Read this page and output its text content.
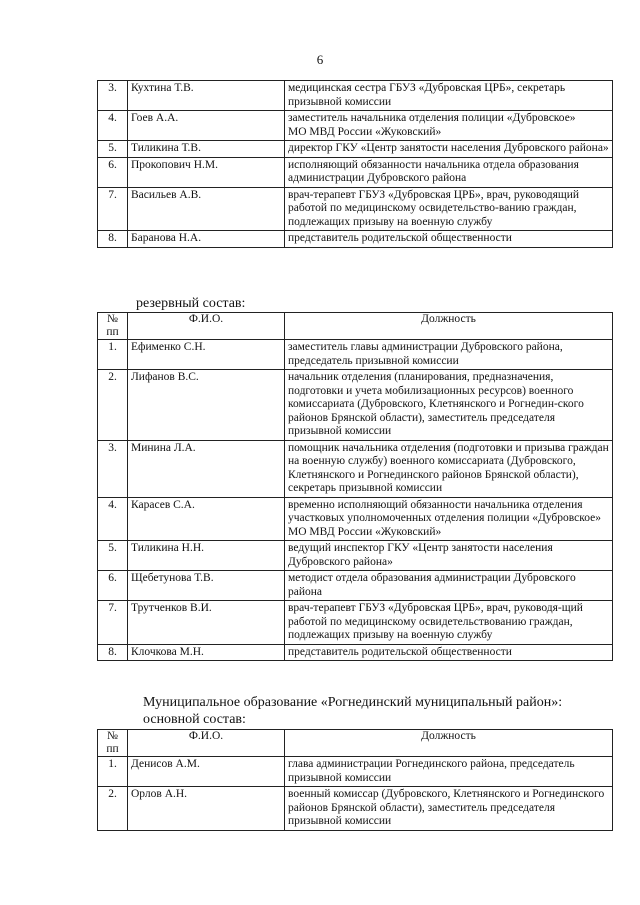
6
3.	Кухтина Т.В.	медицинская сестра ГБУЗ «Дубровская ЦРБ», секретарь призывной комиссии
4.	Гоев А.А.	заместитель начальника отделения полиции «Дубровское»
МО МВД России «Жуковский»

5.	Тиликина Т.В.	директор ГКУ «Центр занятости населения Дубровского района»
6.	Прокопович Н.М.	исполняющий обязанности начальника отдела образования администрации Дубровского района
7.	Васильев А.В.	врач-терапевт ГБУЗ «Дубровская ЦРБ», врач, руководящий работой по медицинскому освидетельство-ванию граждан, подлежащих призыву на военную службу
8.	Баранова Н.А.	представитель родительской общественности
резервный состав:
№ пп	Ф.И.О.	Должность
1.	Ефименко С.Н.	заместитель главы администрации Дубровского района, председатель призывной комиссии
2.	Лифанов В.С.	начальник отделения (планирования, предназначения, подготовки и учета мобилизационных ресурсов) военного комиссариата (Дубровского, Клетнянского и Рогнедин-ского районов Брянской области), заместитель председателя призывной комиссии
3.	Минина Л.А.	помощник начальника отделения (подготовки и призыва граждан на военную службу) военного комиссариата (Дубровского, Клетнянского и Рогнединского районов Брянской области), секретарь призывной комиссии
4.	Карасев С.А.	временно исполняющий обязанности начальника отделения участковых уполномоченных отделения полиции «Дубровское» МО МВД России «Жуковский»
5.	Тиликина Н.Н.	ведущий инспектор ГКУ «Центр занятости населения Дубровского района»
6.	Щебетунова Т.В.	методист отдела образования администрации Дубровского района
7.	Трутченков В.И.	врач-терапевт ГБУЗ «Дубровская ЦРБ», врач, руководя-щий работой по медицинскому освидетельствованию граждан, подлежащих призыву на военную службу
8.	Клочкова М.Н.	представитель родительской общественности
Муниципальное образование «Рогнединский муниципальный район»:
основной состав:
№ пп	Ф.И.О.	Должность
1.	Денисов А.М.	глава администрации Рогнединского района, председатель призывной комиссии
2.	Орлов А.Н.	военный комиссар (Дубровского, Клетнянского и Рогнединского районов Брянской области), заместитель председателя призывной комиссии
